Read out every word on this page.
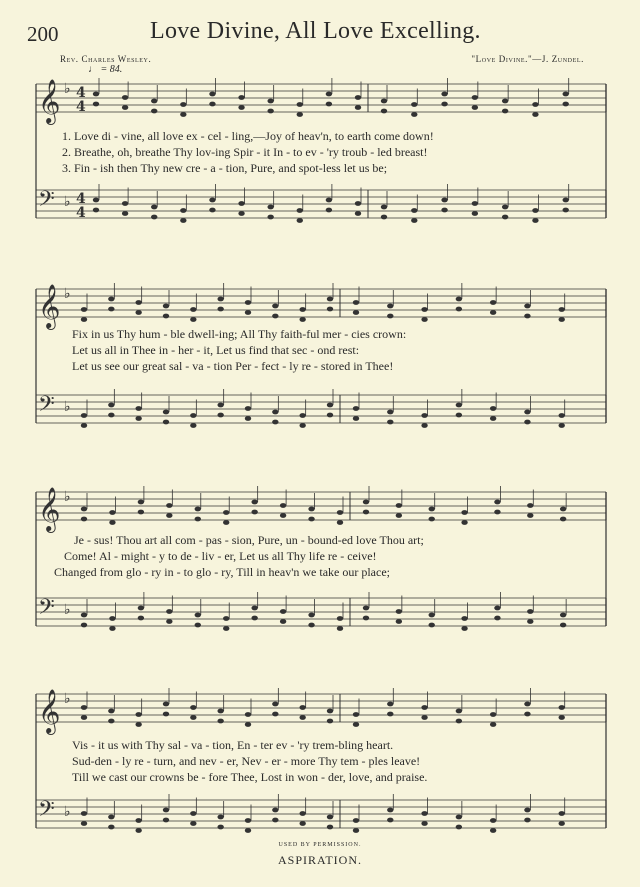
200	Love Divine, All Love Excelling.
Rev. Charles Wesley.	"Love Divine."—J. Zundel.
♩ = 84.
𝄞 ♭ 4
4
𝄢 ♭ 4
4
1. Love di - vine, all love ex - cel - ling,—Joy of heav'n, to earth come down!
2. Breathe, oh, breathe Thy lov-ing Spir - it In - to ev - 'ry troub - led breast!
3. Fin - ish then Thy new cre - a - tion, Pure, and spot-less let us be;
𝄞 ♭
𝄢 ♭
Fix in us Thy hum - ble dwell-ing; All Thy faith-ful mer - cies crown:
Let us all in Thee in - her - it, Let us find that sec - ond rest:
Let us see our great sal - va - tion Per - fect - ly re - stored in Thee!
𝄞 ♭
𝄢 ♭
Je - sus! Thou art all com - pas - sion, Pure, un - bound-ed love Thou art;
Come! Al - might - y to de - liv - er, Let us all Thy life re - ceive!
Changed from glo - ry in - to glo - ry, Till in heav'n we take our place;
𝄞 ♭
𝄢 ♭
Vis - it us with Thy sal - va - tion, En - ter ev - 'ry trem-bling heart.
Sud-den - ly re - turn, and nev - er, Nev - er - more Thy tem - ples leave!
Till we cast our crowns be - fore Thee, Lost in won - der, love, and praise.
USED BY PERMISSION.
ASPIRATION.
